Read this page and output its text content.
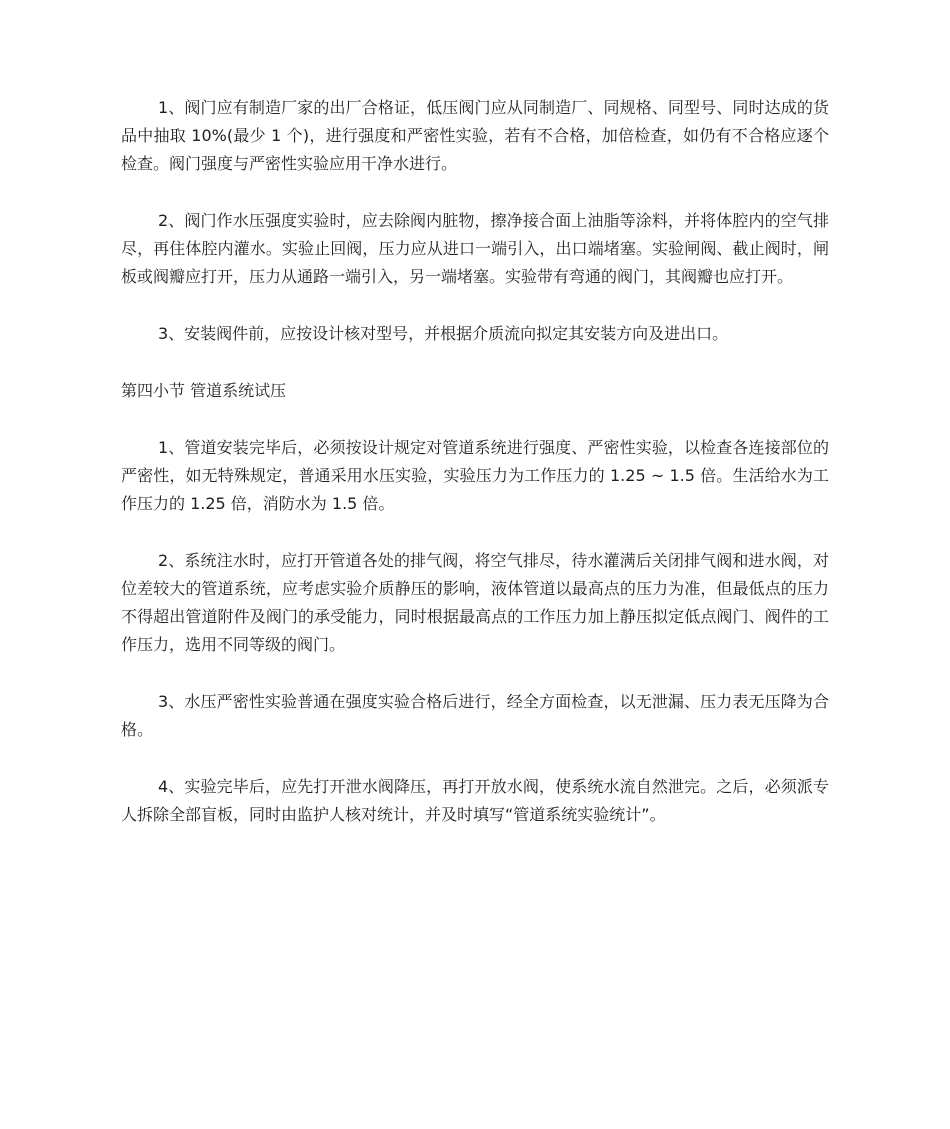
1、阀门应有制造厂家的出厂合格证，低压阀门应从同制造厂、同规格、同型号、同时达成的货品中抽取 10%(最少 1 个)，进行强度和严密性实验，若有不合格，加倍检查，如仍有不合格应逐个检查。阀门强度与严密性实验应用干净水进行。

2、阀门作水压强度实验时，应去除阀内脏物，擦净接合面上油脂等涂料，并将体腔内的空气排尽，再住体腔内灌水。实验止回阀，压力应从进口一端引入，出口端堵塞。实验闸阀、截止阀时，闸板或阀瓣应打开，压力从通路一端引入，另一端堵塞。实验带有弯通的阀门，其阀瓣也应打开。

3、安装阀件前，应按设计核对型号，并根据介质流向拟定其安装方向及进出口。

第四小节 管道系统试压

1、管道安装完毕后，必须按设计规定对管道系统进行强度、严密性实验，以检查各连接部位的严密性，如无特殊规定，普通采用水压实验，实验压力为工作压力的 1.25 ~ 1.5 倍。生活给水为工作压力的 1.25 倍，消防水为 1.5 倍。

2、系统注水时，应打开管道各处的排气阀，将空气排尽，待水灌满后关闭排气阀和进水阀，对位差较大的管道系统，应考虑实验介质静压的影响，液体管道以最高点的压力为准，但最低点的压力不得超出管道附件及阀门的承受能力，同时根据最高点的工作压力加上静压拟定低点阀门、阀件的工作压力，选用不同等级的阀门。

3、水压严密性实验普通在强度实验合格后进行，经全方面检查，以无泄漏、压力表无压降为合格。

4、实验完毕后，应先打开泄水阀降压，再打开放水阀，使系统水流自然泄完。之后，必须派专人拆除全部盲板，同时由监护人核对统计，并及时填写“管道系统实验统计”。
